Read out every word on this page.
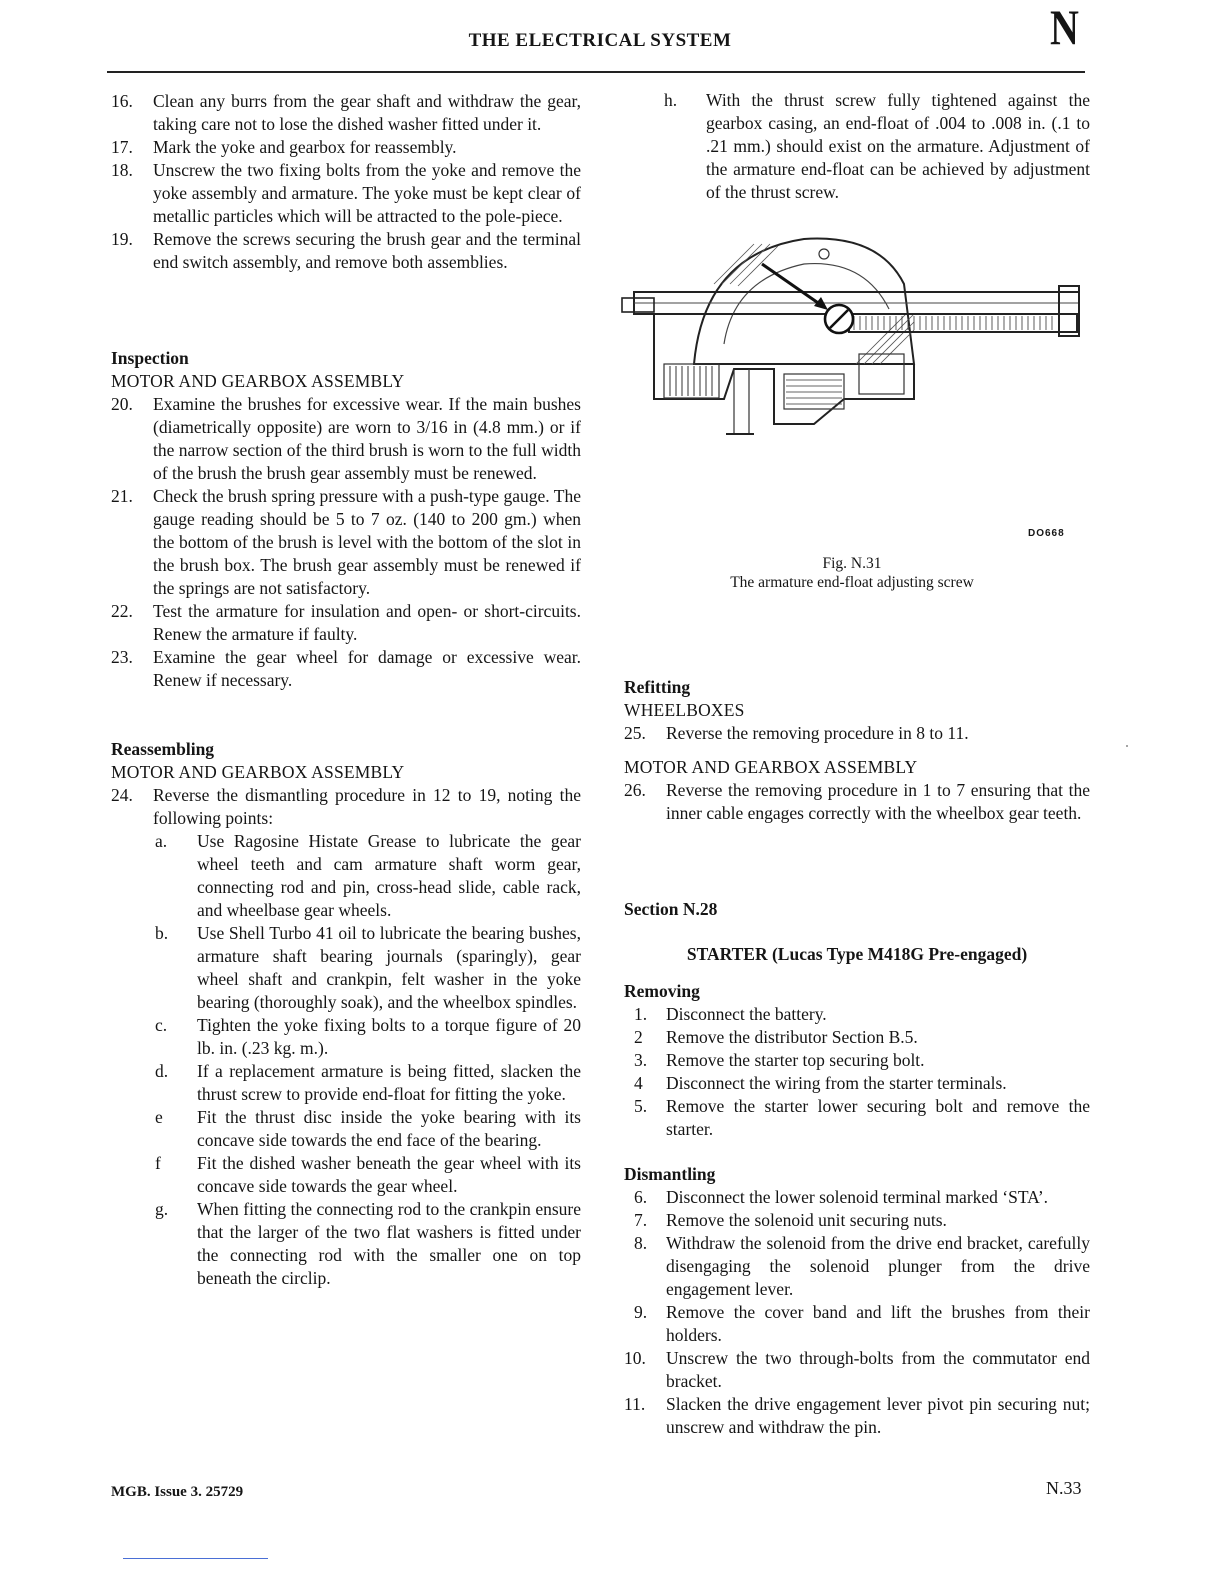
THE ELECTRICAL SYSTEM	N
16.	Clean any burrs from the gear shaft and withdraw the gear, taking care not to lose the dished washer fitted under it.
17.	Mark the yoke and gearbox for reassembly.
18.	Unscrew the two fixing bolts from the yoke and remove the yoke assembly and armature. The yoke must be kept clear of metallic particles which will be attracted to the pole-piece.
19.	Remove the screws securing the brush gear and the terminal end switch assembly, and remove both assemblies.
Inspection
MOTOR AND GEARBOX ASSEMBLY
20.	Examine the brushes for excessive wear. If the main bushes (diametrically opposite) are worn to 3/16 in (4.8 mm.) or if the narrow section of the third brush is worn to the full width of the brush the brush gear assembly must be renewed.
21.	Check the brush spring pressure with a push-type gauge. The gauge reading should be 5 to 7 oz. (140 to 200 gm.) when the bottom of the brush is level with the bottom of the slot in the brush box. The brush gear assembly must be renewed if the springs are not satisfactory.
22.	Test the armature for insulation and open- or short-circuits. Renew the armature if faulty.
23.	Examine the gear wheel for damage or excessive wear. Renew if necessary.
Reassembling
MOTOR AND GEARBOX ASSEMBLY
24.	Reverse the dismantling procedure in 12 to 19, noting the following points:
a.	Use Ragosine Histate Grease to lubricate the gear wheel teeth and cam armature shaft worm gear, connecting rod and pin, cross-head slide, cable rack, and wheelbase gear wheels.
b.	Use Shell Turbo 41 oil to lubricate the bearing bushes, armature shaft bearing journals (sparingly), gear wheel shaft and crankpin, felt washer in the yoke bearing (thoroughly soak), and the wheelbox spindles.
c.	Tighten the yoke fixing bolts to a torque figure of 20 lb. in. (.23 kg. m.).
d.	If a replacement armature is being fitted, slacken the thrust screw to provide end-float for fitting the yoke.
e	Fit the thrust disc inside the yoke bearing with its concave side towards the end face of the bearing.
f	Fit the dished washer beneath the gear wheel with its concave side towards the gear wheel.
g.	When fitting the connecting rod to the crankpin ensure that the larger of the two flat washers is fitted under the connecting rod with the smaller one on top beneath the circlip.
h.	With the thrust screw fully tightened against the gearbox casing, an end-float of .004 to .008 in. (.1 to .21 mm.) should exist on the armature. Adjustment of the armature end-float can be achieved by adjustment of the thrust screw.
DO668
Fig. N.31
The armature end-float adjusting screw
Refitting
WHEELBOXES
25.	Reverse the removing procedure in 8 to 11.
MOTOR AND GEARBOX ASSEMBLY
26.	Reverse the removing procedure in 1 to 7 ensuring that the inner cable engages correctly with the wheelbox gear teeth.
Section N.28
STARTER (Lucas Type M418G Pre-engaged)
Removing
1.	Disconnect the battery.
2	Remove the distributor Section B.5.
3.	Remove the starter top securing bolt.
4	Disconnect the wiring from the starter terminals.
5.	Remove the starter lower securing bolt and remove the starter.
Dismantling
6.	Disconnect the lower solenoid terminal marked ‘STA’.
7.	Remove the solenoid unit securing nuts.
8.	Withdraw the solenoid from the drive end bracket, carefully disengaging the solenoid plunger from the drive engagement lever.
9.	Remove the cover band and lift the brushes from their holders.
10.	Unscrew the two through-bolts from the commutator end bracket.
11.	Slacken the drive engagement lever pivot pin securing nut; unscrew and withdraw the pin.
MGB. Issue 3. 25729	N.33
